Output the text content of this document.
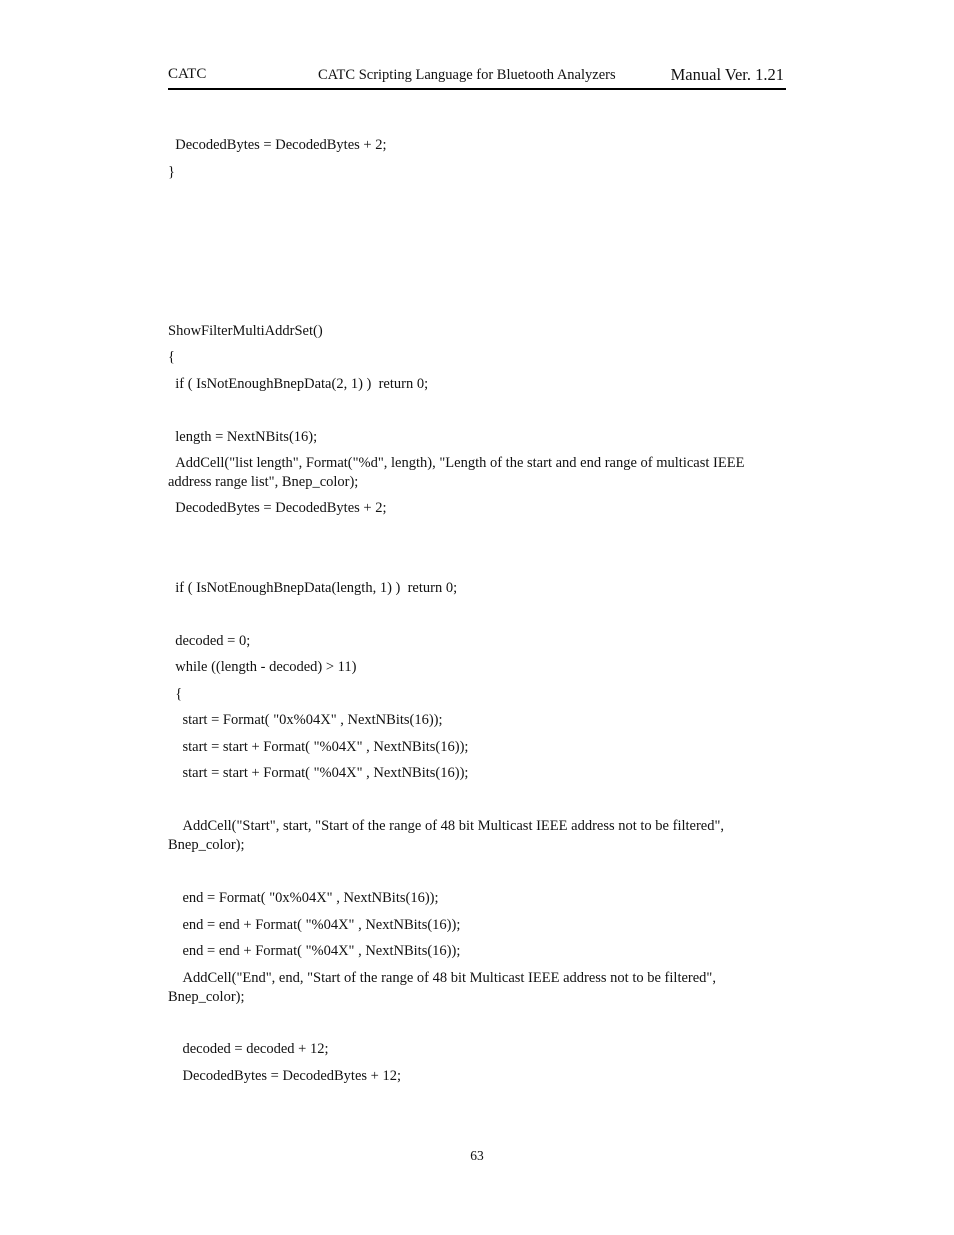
CATC	CATC Scripting Language for Bluetooth Analyzers	Manual Ver. 1.21
DecodedBytes = DecodedBytes + 2;
}
ShowFilterMultiAddrSet()
{
if ( IsNotEnoughBnepData(2, 1) )  return 0;
length = NextNBits(16);
AddCell("list length", Format("%d", length), "Length of the start and end range of multicast IEEE address range list", Bnep_color);
DecodedBytes = DecodedBytes + 2;
if ( IsNotEnoughBnepData(length, 1) )  return 0;
decoded = 0;
while ((length - decoded) > 11)
{
start = Format( "0x%04X" , NextNBits(16));
start = start + Format( "%04X" , NextNBits(16));
start = start + Format( "%04X" , NextNBits(16));
AddCell("Start", start, "Start of the range of 48 bit Multicast IEEE address not to be filtered", Bnep_color);
end = Format( "0x%04X" , NextNBits(16));
end = end + Format( "%04X" , NextNBits(16));
end = end + Format( "%04X" , NextNBits(16));
AddCell("End", end, "Start of the range of 48 bit Multicast IEEE address not to be filtered", Bnep_color);
decoded = decoded + 12;
DecodedBytes = DecodedBytes + 12;
63
